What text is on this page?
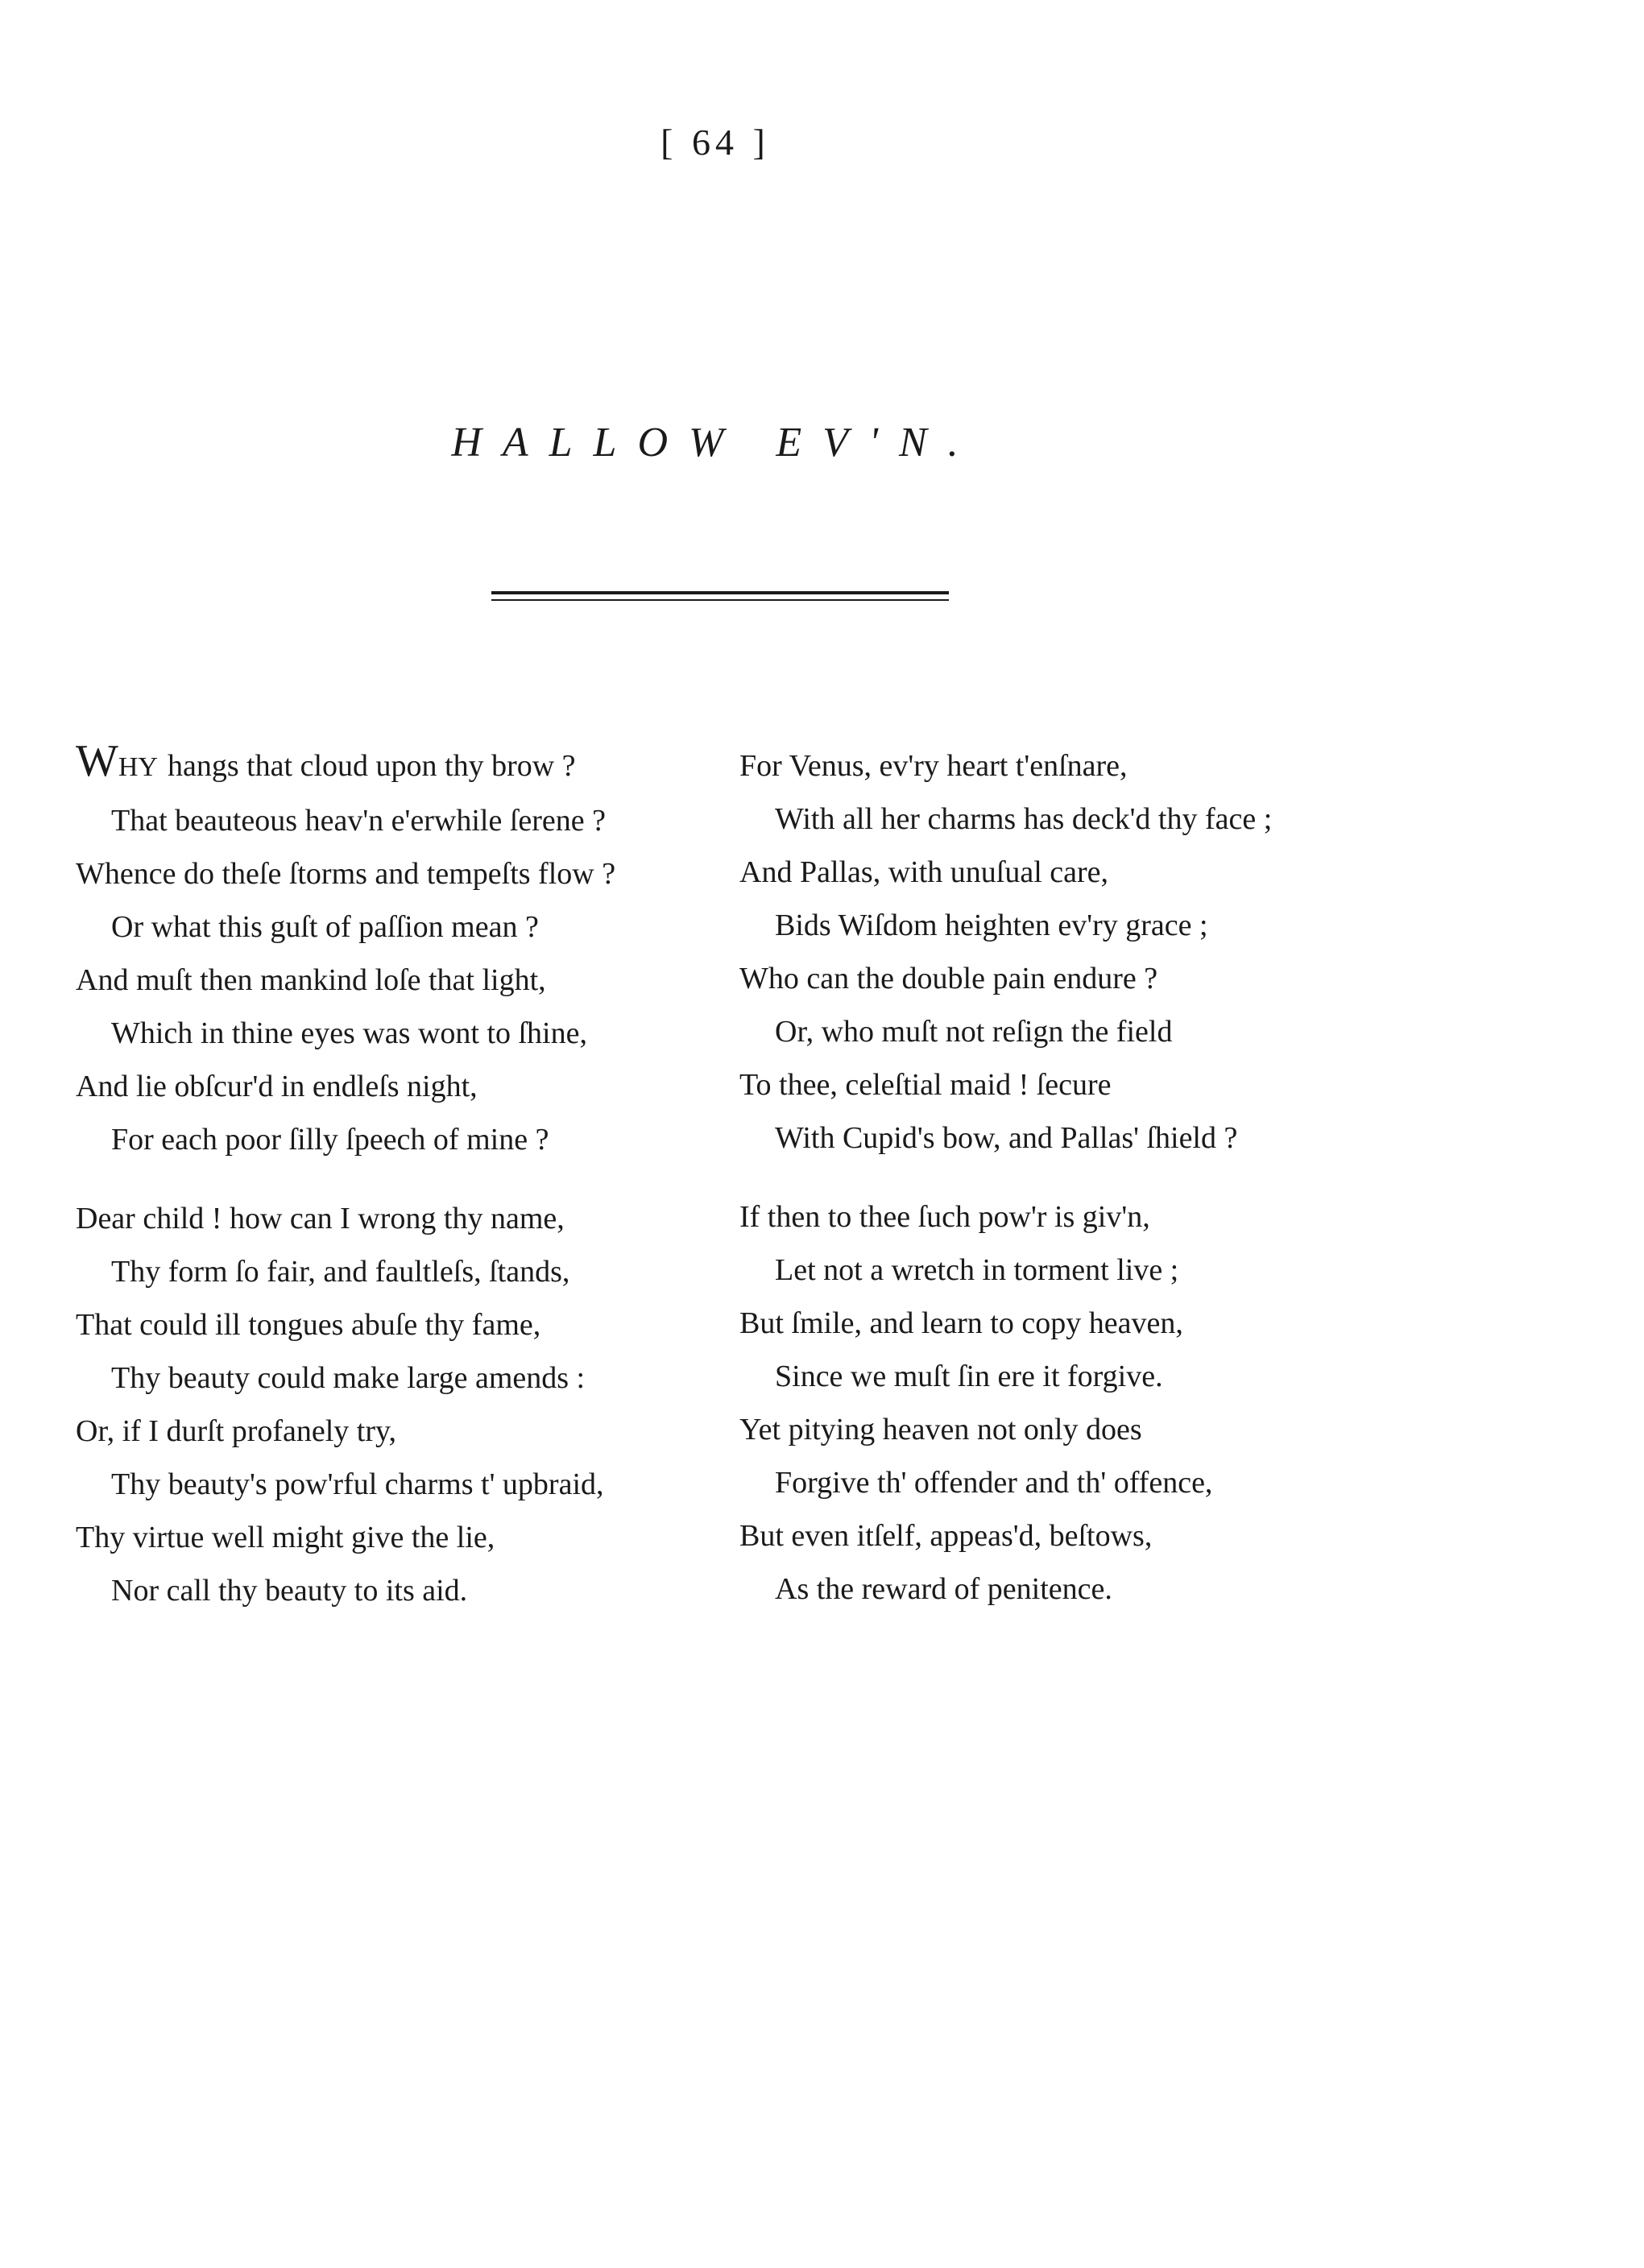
[ 64 ]
HALLOW EV'N.
WHY hangs that cloud upon thy brow ?
That beauteous heav'n e'erwhile ſerene ?
Whence do theſe ſtorms and tempeſts flow ?
Or what this guſt of paſſion mean ?
And muſt then mankind loſe that light,
Which in thine eyes was wont to ſhine,
And lie obſcur'd in endleſs night,
For each poor ſilly ſpeech of mine ?
Dear child ! how can I wrong thy name,
Thy form ſo fair, and faultleſs, ſtands,
That could ill tongues abuſe thy fame,
Thy beauty could make large amends :
Or, if I durſt profanely try,
Thy beauty's pow'rful charms t' upbraid,
Thy virtue well might give the lie,
Nor call thy beauty to its aid.
For Venus, ev'ry heart t'enſnare,
With all her charms has deck'd thy face ;
And Pallas, with unuſual care,
Bids Wiſdom heighten ev'ry grace ;
Who can the double pain endure ?
Or, who muſt not reſign the field
To thee, celeſtial maid ! ſecure
With Cupid's bow, and Pallas' ſhield ?
If then to thee ſuch pow'r is giv'n,
Let not a wretch in torment live ;
But ſmile, and learn to copy heaven,
Since we muſt ſin ere it forgive.
Yet pitying heaven not only does
Forgive th' offender and th' offence,
But even itſelf, appeas'd, beſtows,
As the reward of penitence.
